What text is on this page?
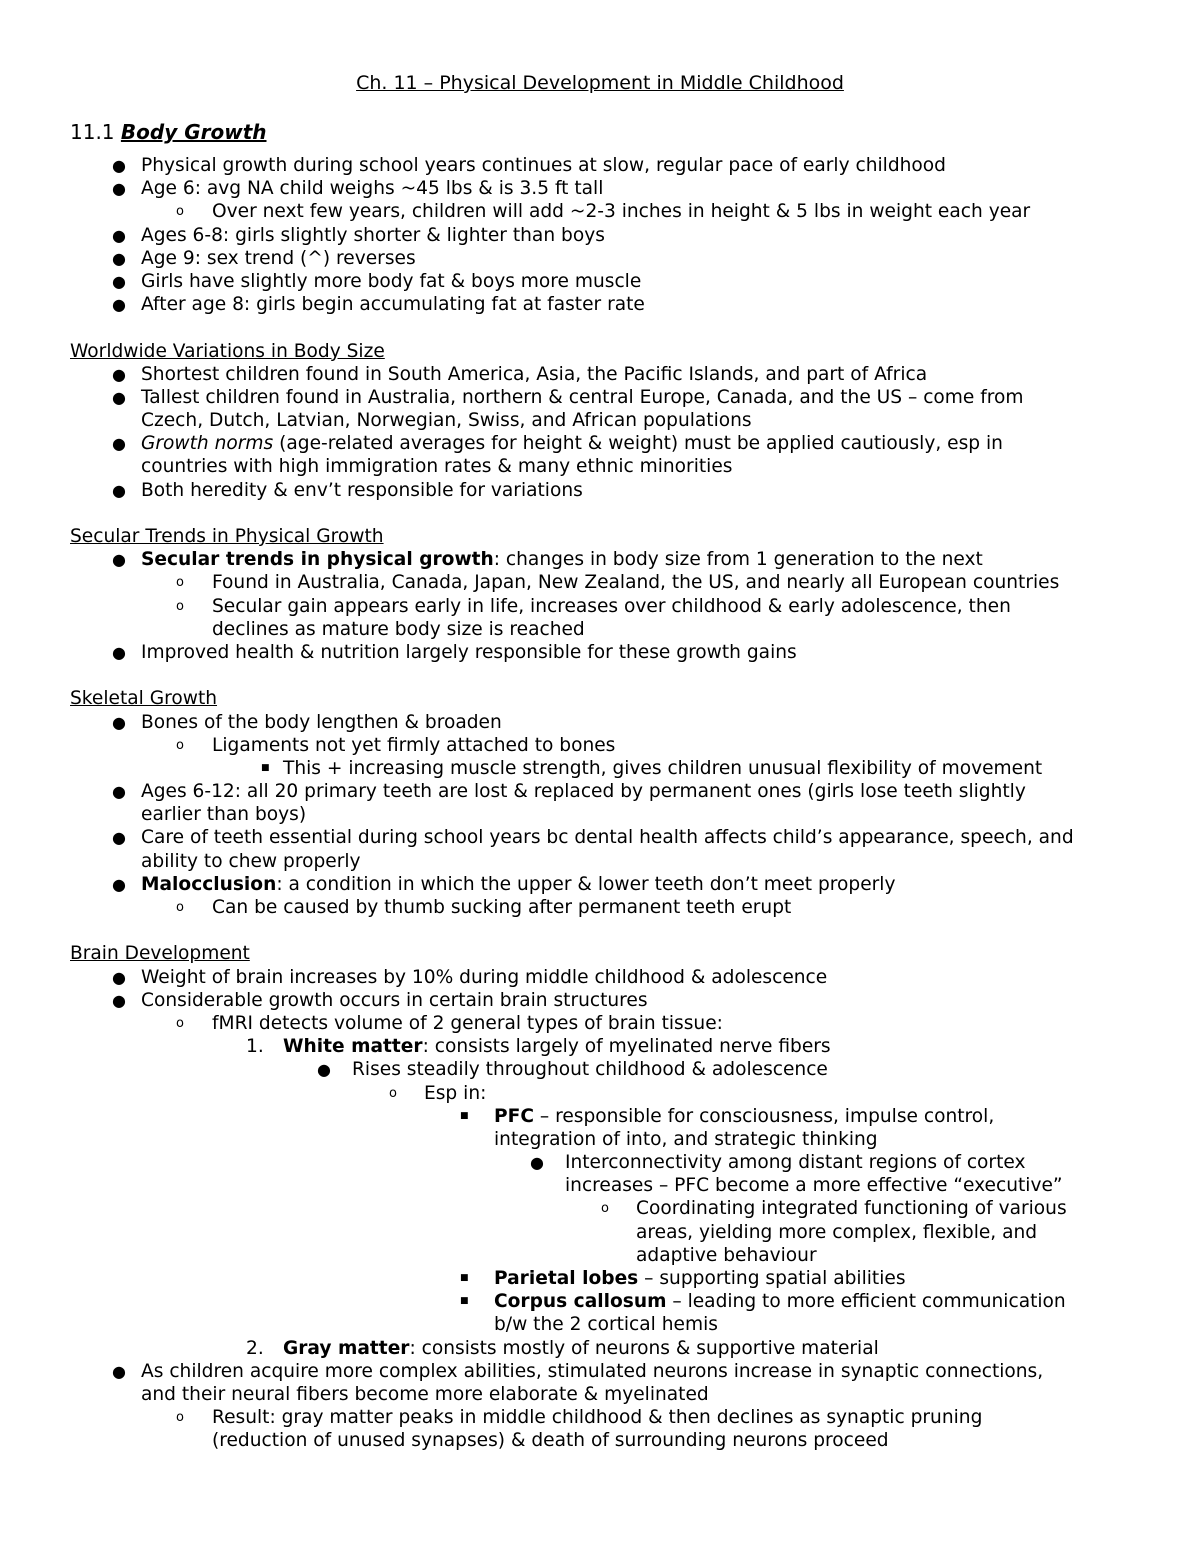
Ch. 11 – Physical Development in Middle Childhood
11.1 Body Growth
● Physical growth during school years continues at slow, regular pace of early childhood
● Age 6: avg NA child weighs ~45 lbs & is 3.5 ft tall
o Over next few years, children will add ~2-3 inches in height & 5 lbs in weight each year
● Ages 6-8: girls slightly shorter & lighter than boys
● Age 9: sex trend (^) reverses
● Girls have slightly more body fat & boys more muscle
● After age 8: girls begin accumulating fat at faster rate
Worldwide Variations in Body Size
● Shortest children found in South America, Asia, the Pacific Islands, and part of Africa
● Tallest children found in Australia, northern & central Europe, Canada, and the US – come from
Czech, Dutch, Latvian, Norwegian, Swiss, and African populations
● Growth norms (age-related averages for height & weight) must be applied cautiously, esp in
countries with high immigration rates & many ethnic minorities
● Both heredity & env’t responsible for variations
Secular Trends in Physical Growth
● Secular trends in physical growth: changes in body size from 1 generation to the next
o Found in Australia, Canada, Japan, New Zealand, the US, and nearly all European countries
o Secular gain appears early in life, increases over childhood & early adolescence, then
declines as mature body size is reached
● Improved health & nutrition largely responsible for these growth gains
Skeletal Growth
● Bones of the body lengthen & broaden
o Ligaments not yet firmly attached to bones
■ This + increasing muscle strength, gives children unusual flexibility of movement
● Ages 6-12: all 20 primary teeth are lost & replaced by permanent ones (girls lose teeth slightly
earlier than boys)
● Care of teeth essential during school years bc dental health affects child’s appearance, speech, and
ability to chew properly
● Malocclusion: a condition in which the upper & lower teeth don’t meet properly
o Can be caused by thumb sucking after permanent teeth erupt
Brain Development
● Weight of brain increases by 10% during middle childhood & adolescence
● Considerable growth occurs in certain brain structures
o fMRI detects volume of 2 general types of brain tissue:
1. White matter: consists largely of myelinated nerve fibers
● Rises steadily throughout childhood & adolescence
o Esp in:
■ PFC – responsible for consciousness, impulse control,
integration of into, and strategic thinking
● Interconnectivity among distant regions of cortex
increases – PFC become a more effective “executive”
o Coordinating integrated functioning of various
areas, yielding more complex, flexible, and
adaptive behaviour
■ Parietal lobes – supporting spatial abilities
■ Corpus callosum – leading to more efficient communication
b/w the 2 cortical hemis
2. Gray matter: consists mostly of neurons & supportive material
● As children acquire more complex abilities, stimulated neurons increase in synaptic connections,
and their neural fibers become more elaborate & myelinated
o Result: gray matter peaks in middle childhood & then declines as synaptic pruning
(reduction of unused synapses) & death of surrounding neurons proceed
